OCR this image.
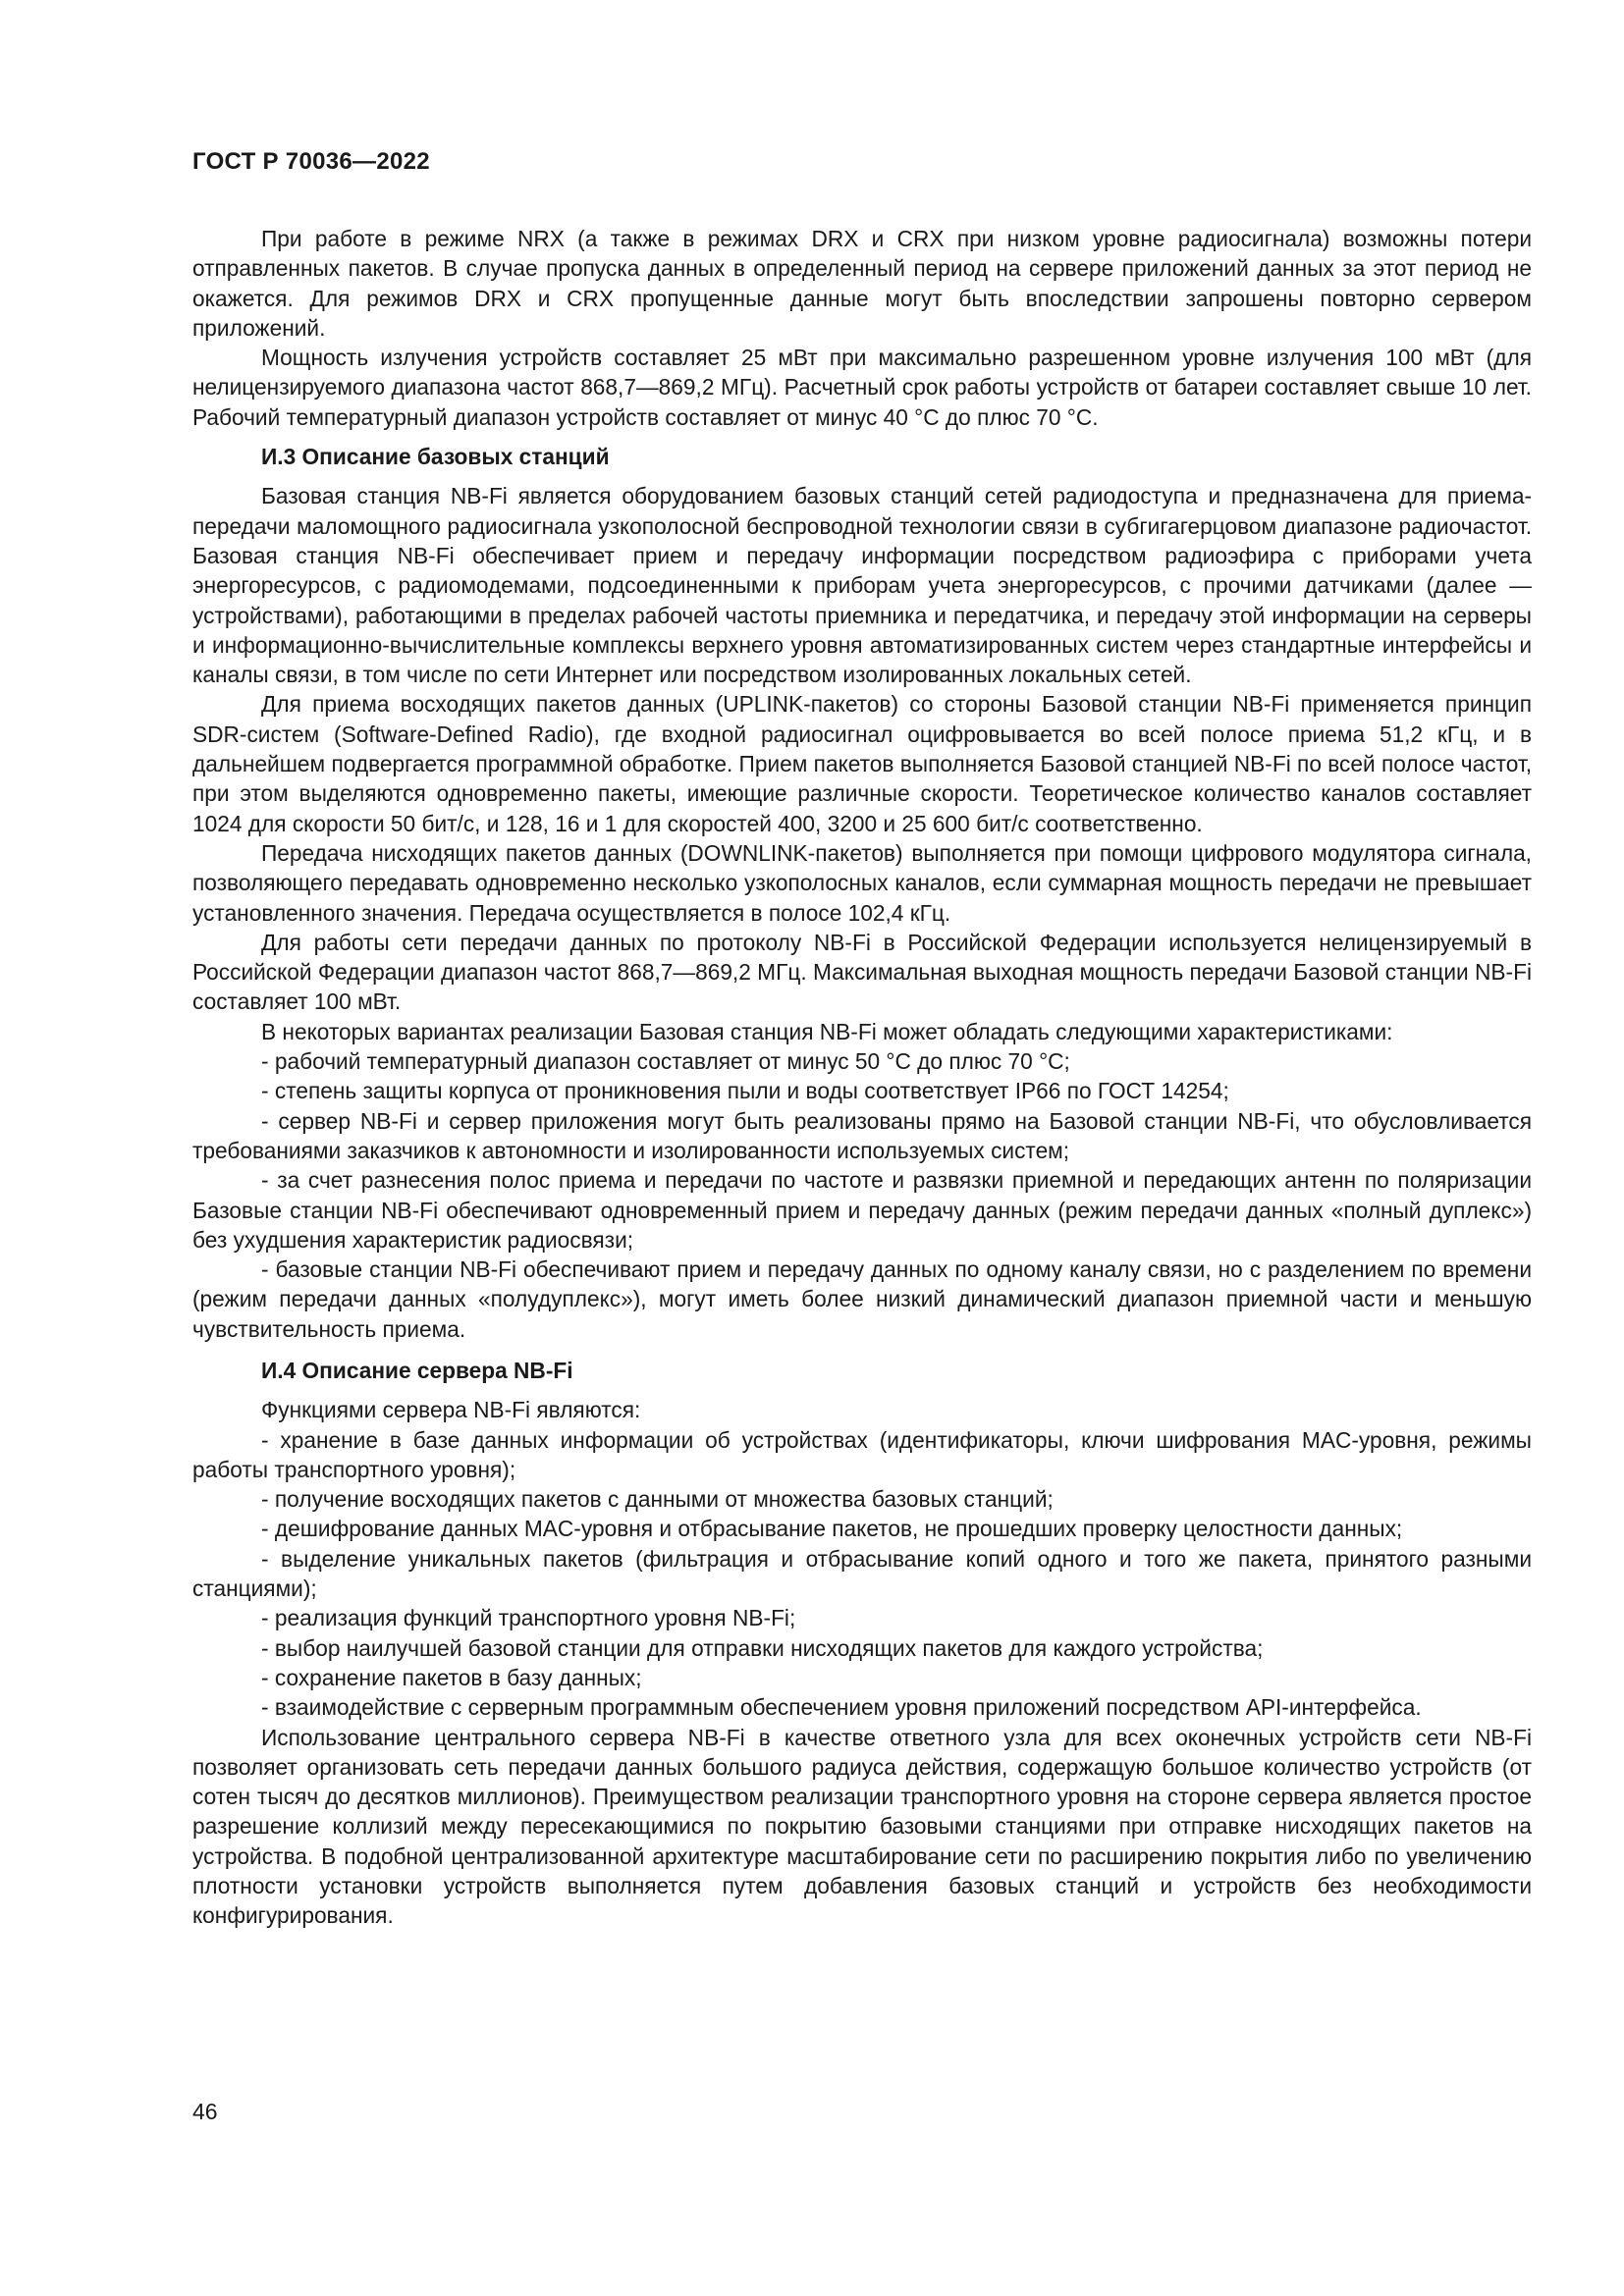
ГОСТ Р 70036—2022

При работе в режиме NRX (а также в режимах DRX и CRX при низком уровне радиосигнала) возможны потери отправленных пакетов. В случае пропуска данных в определенный период на сервере приложений данных за этот период не окажется. Для режимов DRX и CRX пропущенные данные могут быть впоследствии запрошены повторно сервером приложений.

Мощность излучения устройств составляет 25 мВт при максимально разрешенном уровне излучения 100 мВт (для нелицензируемого диапазона частот 868,7—869,2 МГц). Расчетный срок работы устройств от батареи составляет свыше 10 лет. Рабочий температурный диапазон устройств составляет от минус 40 °С до плюс 70 °С.

И.3 Описание базовых станций

Базовая станция NB-Fi является оборудованием базовых станций сетей радиодоступа и предназначена для приема-передачи маломощного радиосигнала узкополосной беспроводной технологии связи в субгигагерцовом диапазоне радиочастот. Базовая станция NB-Fi обеспечивает прием и передачу информации посредством радиоэфира с приборами учета энергоресурсов, с радиомодемами, подсоединенными к приборам учета энергоресурсов, с прочими датчиками (далее — устройствами), работающими в пределах рабочей частоты приемника и передатчика, и передачу этой информации на серверы и информационно-вычислительные комплексы верхнего уровня автоматизированных систем через стандартные интерфейсы и каналы связи, в том числе по сети Интернет или посредством изолированных локальных сетей.

Для приема восходящих пакетов данных (UPLINK-пакетов) со стороны Базовой станции NB-Fi применяется принцип SDR-систем (Software-Defined Radio), где входной радиосигнал оцифровывается во всей полосе приема 51,2 кГц, и в дальнейшем подвергается программной обработке. Прием пакетов выполняется Базовой станцией NB-Fi по всей полосе частот, при этом выделяются одновременно пакеты, имеющие различные скорости. Теоретическое количество каналов составляет 1024 для скорости 50 бит/с, и 128, 16 и 1 для скоростей 400, 3200 и 25 600 бит/с соответственно.

Передача нисходящих пакетов данных (DOWNLINK-пакетов) выполняется при помощи цифрового модулятора сигнала, позволяющего передавать одновременно несколько узкополосных каналов, если суммарная мощность передачи не превышает установленного значения. Передача осуществляется в полосе 102,4 кГц.

Для работы сети передачи данных по протоколу NB-Fi в Российской Федерации используется нелицензируемый в Российской Федерации диапазон частот 868,7—869,2 МГц. Максимальная выходная мощность передачи Базовой станции NB-Fi составляет 100 мВт.

В некоторых вариантах реализации Базовая станция NB-Fi может обладать следующими характеристиками:

- рабочий температурный диапазон составляет от минус 50 °С до плюс 70 °С;

- степень защиты корпуса от проникновения пыли и воды соответствует IP66 по ГОСТ 14254;

- сервер NB-Fi и сервер приложения могут быть реализованы прямо на Базовой станции NB-Fi, что обусловливается требованиями заказчиков к автономности и изолированности используемых систем;

- за счет разнесения полос приема и передачи по частоте и развязки приемной и передающих антенн по поляризации Базовые станции NB-Fi обеспечивают одновременный прием и передачу данных (режим передачи данных «полный дуплекс») без ухудшения характеристик радиосвязи;

- базовые станции NB-Fi обеспечивают прием и передачу данных по одному каналу связи, но с разделением по времени (режим передачи данных «полудуплекс»), могут иметь более низкий динамический диапазон приемной части и меньшую чувствительность приема.

И.4 Описание сервера NB-Fi

Функциями сервера NB-Fi являются:

- хранение в базе данных информации об устройствах (идентификаторы, ключи шифрования MAC-уровня, режимы работы транспортного уровня);

- получение восходящих пакетов с данными от множества базовых станций;

- дешифрование данных MAC-уровня и отбрасывание пакетов, не прошедших проверку целостности данных;

- выделение уникальных пакетов (фильтрация и отбрасывание копий одного и того же пакета, принятого разными станциями);

- реализация функций транспортного уровня NB-Fi;

- выбор наилучшей базовой станции для отправки нисходящих пакетов для каждого устройства;

- сохранение пакетов в базу данных;

- взаимодействие с серверным программным обеспечением уровня приложений посредством API-интерфейса.

Использование центрального сервера NB-Fi в качестве ответного узла для всех оконечных устройств сети NB-Fi позволяет организовать сеть передачи данных большого радиуса действия, содержащую большое количество устройств (от сотен тысяч до десятков миллионов). Преимуществом реализации транспортного уровня на стороне сервера является простое разрешение коллизий между пересекающимися по покрытию базовыми станциями при отправке нисходящих пакетов на устройства. В подобной централизованной архитектуре масштабирование сети по расширению покрытия либо по увеличению плотности установки устройств выполняется путем добавления базовых станций и устройств без необходимости конфигурирования.

46
